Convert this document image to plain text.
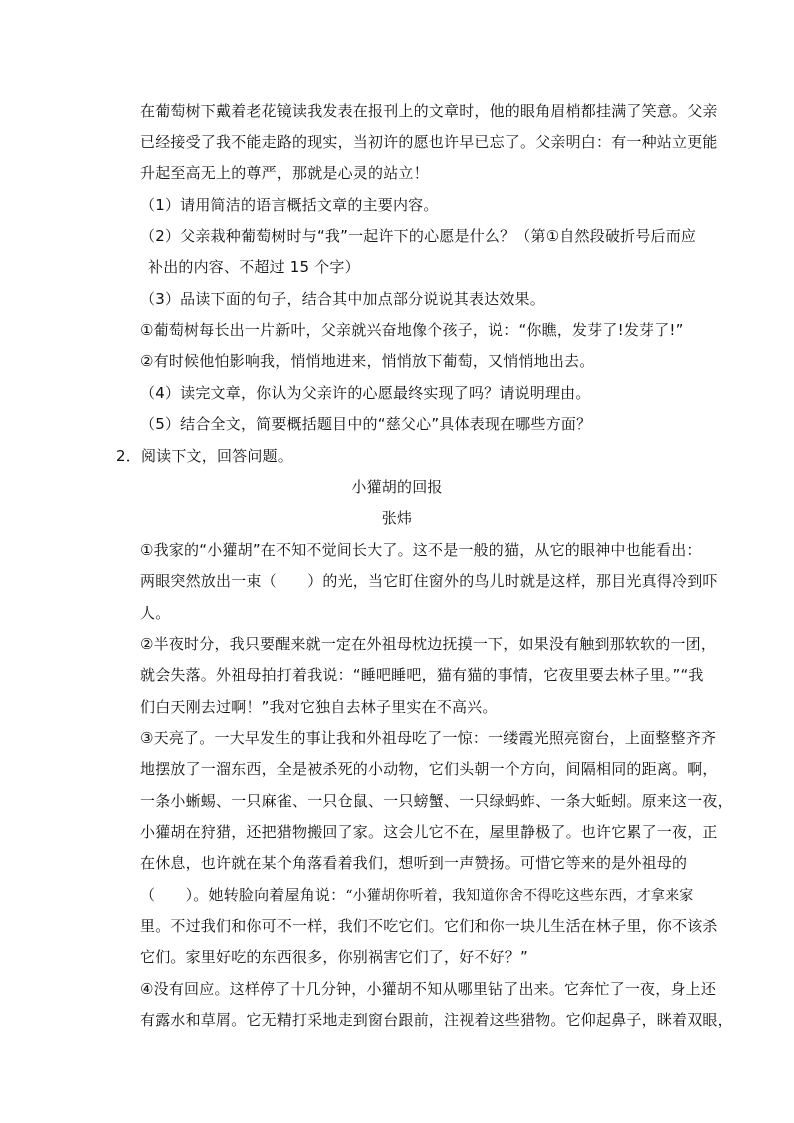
在葡萄树下戴着老花镜读我发表在报刊上的文章时，他的眼角眉梢都挂满了笑意。父亲
已经接受了我不能走路的现实，当初许的愿也许早已忘了。父亲明白：有一种站立更能
升起至高无上的尊严，那就是心灵的站立！
（1）请用简洁的语言概括文章的主要内容。
（2）父亲栽种葡萄树时与“我”一起许下的心愿是什么？（第①自然段破折号后而应
补出的内容、不超过 15 个字）
（3）品读下面的句子，结合其中加点部分说说其表达效果。
①葡萄树每长出一片新叶，父亲就兴奋地像个孩子，说：“你瞧，发芽了!发芽了!”
②有时候他怕影响我，悄悄地进来，悄悄放下葡萄，又悄悄地出去。
（4）读完文章，你认为父亲许的心愿最终实现了吗？请说明理由。
（5）结合全文，简要概括题目中的“慈父心”具体表现在哪些方面？
2．阅读下文，回答问题。
小獾胡的回报
张炜
①我家的“小獾胡”在不知不觉间长大了。这不是一般的猫，从它的眼神中也能看出：
两眼突然放出一束（　　）的光，当它盯住窗外的鸟儿时就是这样，那目光真得冷到吓
人。
②半夜时分，我只要醒来就一定在外祖母枕边抚摸一下，如果没有触到那软软的一团，
就会失落。外祖母拍打着我说：“睡吧睡吧，猫有猫的事情，它夜里要去林子里。”“我
们白天刚去过啊！”我对它独自去林子里实在不高兴。
③天亮了。一大早发生的事让我和外祖母吃了一惊：一缕霞光照亮窗台，上面整整齐齐
地摆放了一溜东西，全是被杀死的小动物，它们头朝一个方向，间隔相同的距离。啊，
一条小蜥蜴、一只麻雀、一只仓鼠、一只螃蟹、一只绿蚂蚱、一条大蚯蚓。原来这一夜，
小獾胡在狩猎，还把猎物搬回了家。这会儿它不在，屋里静极了。也许它累了一夜，正
在休息，也许就在某个角落看着我们，想听到一声赞扬。可惜它等来的是外祖母的
（　　）。她转脸向着屋角说：“小獾胡你听着，我知道你舍不得吃这些东西，才拿来家
里。不过我们和你可不一样，我们不吃它们。它们和你一块儿生活在林子里，你不该杀
它们。家里好吃的东西很多，你别祸害它们了，好不好？”
④没有回应。这样停了十几分钟，小獾胡不知从哪里钻了出来。它奔忙了一夜，身上还
有露水和草屑。它无精打采地走到窗台跟前，注视着这些猎物。它仰起鼻子，眯着双眼，
